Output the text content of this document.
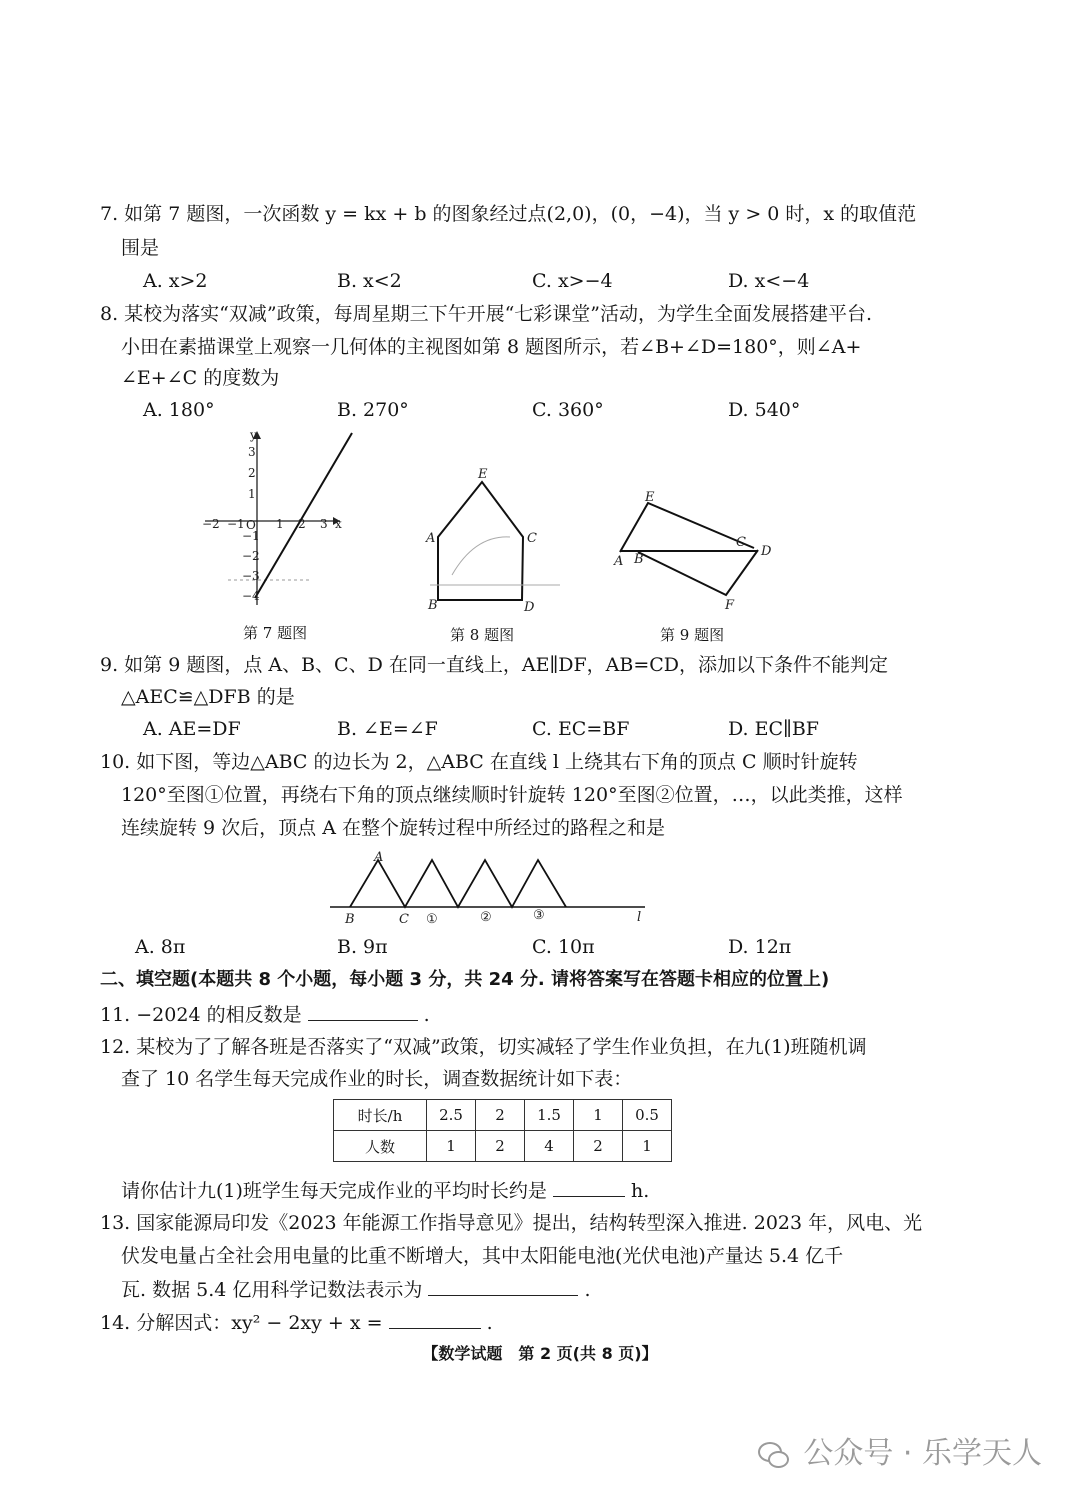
7. 如第 7 题图，一次函数 y = kx + b 的图象经过点(2,0)，(0，−4)，当 y > 0 时，x 的取值范
围是
A. x>2	B. x<2	C. x>−4	D. x<−4
8. 某校为落实“双减”政策，每周星期三下午开展“七彩课堂”活动，为学生全面发展搭建平台.
小田在素描课堂上观察一几何体的主视图如第 8 题图所示，若∠B+∠D=180°，则∠A+
∠E+∠C 的度数为
A. 180°	B. 270°	C. 360°	D. 540°
y
x
O
3
2
1
−1
−2
−3
−4
−2 −1	1 2 3
E
A	C
B	D
E
C
D
A B
F
第 7 题图	第 8 题图	第 9 题图
9. 如第 9 题图，点 A、B、C、D 在同一直线上，AE∥DF，AB=CD，添加以下条件不能判定
△AEC≌△DFB 的是
A. AE=DF	B. ∠E=∠F	C. EC=BF	D. EC∥BF
10. 如下图，等边△ABC 的边长为 2，△ABC 在直线 l 上绕其右下角的顶点 C 顺时针旋转
120°至图①位置，再绕右下角的顶点继续顺时针旋转 120°至图②位置，…，以此类推，这样
连续旋转 9 次后，顶点 A 在整个旋转过程中所经过的路程之和是
A
B	C ①	②	③	l
A. 8π	B. 9π	C. 10π	D. 12π
二、填空题(本题共 8 个小题，每小题 3 分，共 24 分. 请将答案写在答题卡相应的位置上)
11. −2024 的相反数是	.
12. 某校为了了解各班是否落实了“双减”政策，切实减轻了学生作业负担，在九(1)班随机调
查了 10 名学生每天完成作业的时长，调查数据统计如下表：
时长/h	2.5	2	1.5	1	0.5
人数	1	2	4	2	1
请你估计九(1)班学生每天完成作业的平均时长约是	h.
13. 国家能源局印发《2023 年能源工作指导意见》提出，结构转型深入推进. 2023 年，风电、光
伏发电量占全社会用电量的比重不断增大，其中太阳能电池(光伏电池)产量达 5.4 亿千
瓦. 数据 5.4 亿用科学记数法表示为	.
14. 分解因式：xy² − 2xy + x =	.
【数学试题　第 2 页(共 8 页)】
公众号 · 乐学天人
